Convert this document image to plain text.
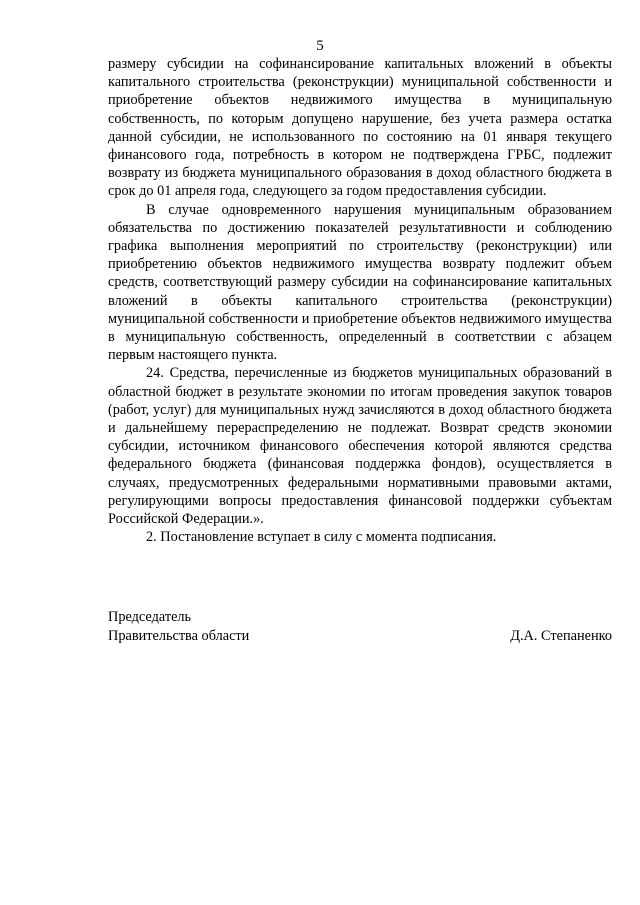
5

размеру субсидии на софинансирование капитальных вложений в объекты капитального строительства (реконструкции) муниципальной собственности и приобретение объектов недвижимого имущества в муниципальную собственность, по которым допущено нарушение, без учета размера остатка данной субсидии, не использованного по состоянию на 01 января текущего финансового года, потребность в котором не подтверждена ГРБС, подлежит возврату из бюджета муниципального образования в доход областного бюджета в срок до 01 апреля года, следующего за годом предоставления субсидии.

В случае одновременного нарушения муниципальным образованием обязательства по достижению показателей результативности и соблюдению графика выполнения мероприятий по строительству (реконструкции) или приобретению объектов недвижимого имущества возврату подлежит объем средств, соответствующий размеру субсидии на софинансирование капитальных вложений в объекты капитального строительства (реконструкции) муниципальной собственности и приобретение объектов недвижимого имущества в муниципальную собственность, определенный в соответствии с абзацем первым настоящего пункта.

24. Средства, перечисленные из бюджетов муниципальных образований в областной бюджет в результате экономии по итогам проведения закупок товаров (работ, услуг) для муниципальных нужд зачисляются в доход областного бюджета и дальнейшему перераспределению не подлежат. Возврат средств экономии субсидии, источником финансового обеспечения которой являются средства федерального бюджета (финансовая поддержка фондов), осуществляется в случаях, предусмотренных федеральными нормативными правовыми актами, регулирующими вопросы предоставления финансовой поддержки субъектам Российской Федерации.».

2. Постановление вступает в силу с момента подписания.

Председатель
Правительства области	Д.А. Степаненко
